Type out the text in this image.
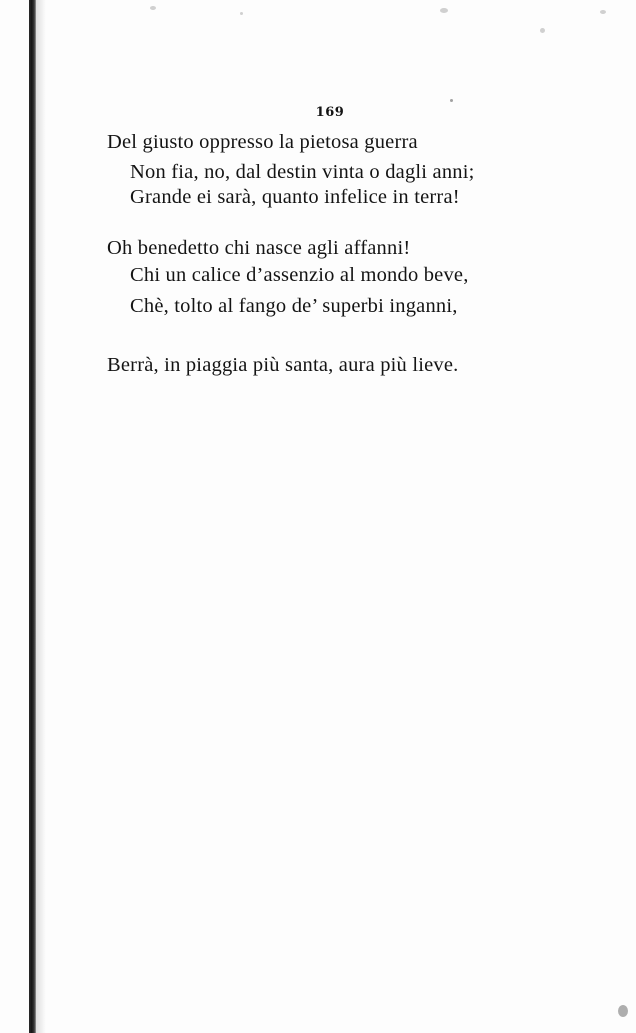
169
Del giusto oppresso la pietosa guerra
Non fia, no, dal destin vinta o dagli anni;
Grande ei sarà, quanto infelice in terra!
Oh benedetto chi nasce agli affanni!
Chi un calice d’assenzio al mondo beve,
Chè, tolto al fango de’ superbi inganni,
Berrà, in piaggia più santa, aura più lieve.
